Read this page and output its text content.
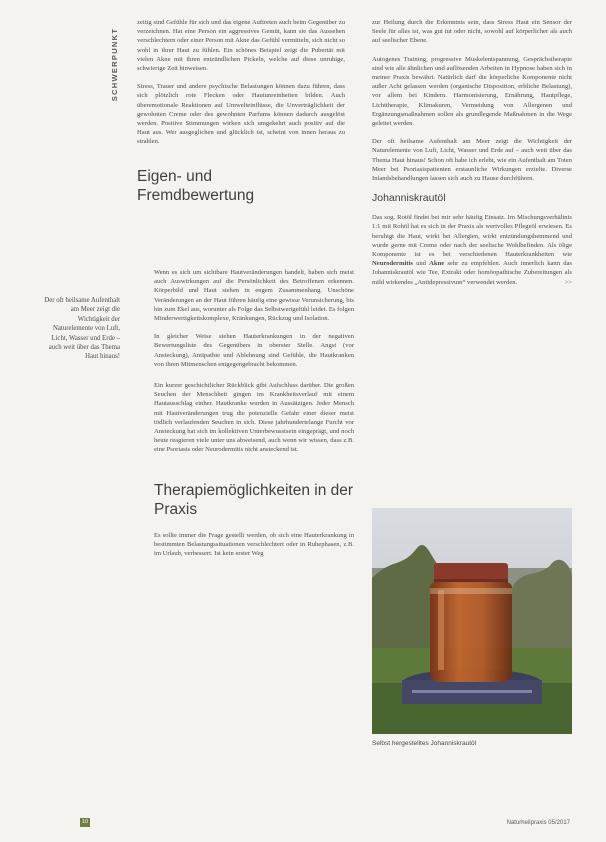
SCHWERPUNKT
Der oft heilsame Aufenthalt am Meer zeigt die Wichtigkeit der Naturelemente von Luft, Licht, Wasser und Erde – auch weit über das Thema Haut hinaus!

zeitig sind Gefühle für sich und das eigene Auftreten auch beim Gegenüber zu verzeichnen. Hat eine Person ein aggressives Gemüt, kann sie das Aussehen verschlechtern oder einer Person mit Akne das Gefühl vermitteln, sich nicht so wohl in ihrer Haut zu fühlen. Ein schönes Beispiel zeigt die Pubertät mit vielen Akne mit ihren entzündlichen Pickeln, welche auf diese unruhige, schwierige Zeit hinweisen.

Stress, Trauer und andere psychische Belastungen können dazu führen, dass sich plötzlich rote Flecken oder Hautunreinheiten bilden. Auch überemotionale Reaktionen auf Umwelteinflüsse, die Unverträglichkeit der gewohnten Creme oder des gewohnten Parfums können dadurch ausgelöst werden. Positive Stimmungen wirken sich umgekehrt auch positiv auf die Haut aus. Wer ausgeglichen und glücklich ist, scheint von innen heraus zu strahlen.

Eigen- und Fremdbewertung

Wenn es sich um sichtbare Hautveränderungen handelt, haben sich meist auch Auswirkungen auf die Persönlichkeit des Betroffenen erkennen. Körperbild und Haut stehen in engem Zusammenhang. Unschöne Veränderungen an der Haut führen häufig eine gewisse Verunsicherung, bis hin zum Ekel aus, worunter als Folge das Selbstwertgefühl leidet. Es folgen Minderwertigkeitskomplexe, Kränkungen, Rückzug und Isolation.

In gleicher Weise stehen Hauterkrankungen in der negativen Bewertungsliste des Gegenübers in oberster Stelle. Angst (vor Ansteckung), Antipathie und Ablehnung sind Gefühle, die Hautkranken von ihren Mitmenschen entgegengebracht bekommen.

Ein kurzer geschichtlicher Rückblick gibt Aufschluss darüber. Die großen Seuchen der Menschheit gingen im Krankheitsverlauf mit einem Hautausschlag einher. Hautkranke wurden in Aussätzigen. Jeder Mensch mit Hautveränderungen trug die potenzielle Gefahr einer dieser meist tödlich verlaufenden Seuchen in sich. Diese jahrhundertelange Furcht vor Ansteckung hat sich im kollektiven Unterbewusstsein eingeprägt, und noch heute reagieren viele unter uns abweisend, auch wenn wir wissen, dass z.B. eine Psoriasis oder Neurodermitis nicht ansteckend ist.

Therapiemöglichkeiten in der Praxis

Es sollte immer die Frage gestellt werden, ob sich eine Hauterkrankung in bestimmten Belastungssituationen verschlechtert oder in Ruhephasen, z.B. im Urlaub, verbessert. Ist kein erster Weg

zur Heilung durch die Erkenntnis sein, dass Stress Haut ein Sensor der Seele für alles ist, was gut tut oder nicht, sowohl auf körperlicher als auch auf seelischer Ebene.

Autogenes Training, progressive Muskelentspannung, Gesprächstherapie sind wie alle ähnlichen und auflösenden Arbeiten in Hypnose haben sich in meiner Praxis bewährt. Natürlich darf die körperliche Komponente nicht außer Acht gelassen werden (organische Disposition, erbliche Belastung), vor allem bei Kindern. Harmonisierung, Ernährung, Hautpflege, Lichttherapie, Klimakuren, Vermeidung von Allergenen und Ergänzungsmaßnahmen sollen als grundlegende Maßnahmen in die Wege geleitet werden.

Der oft heilsame Aufenthalt am Meer zeigt die Wichtigkeit der Naturelemente von Luft, Licht, Wasser und Erde auf – auch weit über das Thema Haut hinaus! Schon oft habe ich erlebt, wie ein Aufenthalt am Toten Meer bei Psoriasispatienten erstaunliche Wirkungen erzielte. Diverse Inlandsbehandlungen lassen sich auch zu Hause durchführen.

Johanniskrautöl

Das sog. Rotöl findet bei mir sehr häufig Einsatz. Im Mischungsverhältnis 1:1 mit Rohöl hat es sich in der Praxis als wertvolles Pflegeöl erwiesen. Es beruhigt die Haut, wirkt bei Allergien, wirkt entzündungshemmend und wurde gerne mit Creme oder nach der seelische Wohlbefinden. Als ölige Komponente ist es bei verschiedenen Hauterkrankheiten wie Neurodermitis und Akne sehr zu empfehlen. Auch innerlich kann das Johanniskrautöl wie Tee, Extrakt oder homöopathische Zubereitungen als mild wirkendes „Antidepressivum“ verwendet werden.	>>

Selbst hergestelltes Johanniskrautöl
10	Naturheilpraxis 05/2017
